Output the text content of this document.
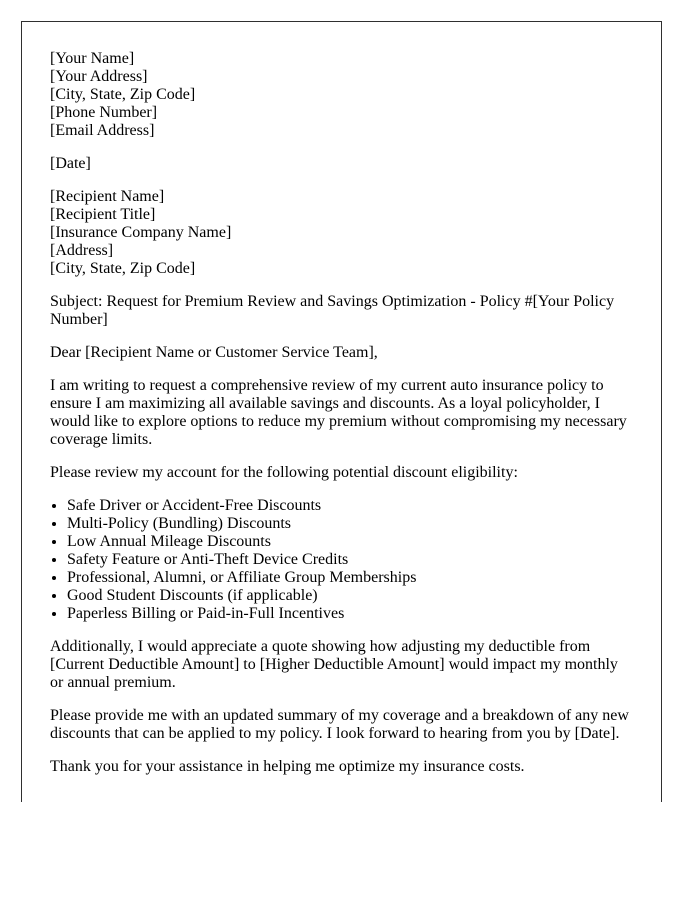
[Your Name]
[Your Address]
[City, State, Zip Code]
[Phone Number]
[Email Address]

[Date]

[Recipient Name]
[Recipient Title]
[Insurance Company Name]
[Address]
[City, State, Zip Code]

Subject: Request for Premium Review and Savings Optimization - Policy #[Your Policy Number]

Dear [Recipient Name or Customer Service Team],

I am writing to request a comprehensive review of my current auto insurance policy to ensure I am maximizing all available savings and discounts. As a loyal policyholder, I would like to explore options to reduce my premium without compromising my necessary coverage limits.

Please review my account for the following potential discount eligibility:

• Safe Driver or Accident-Free Discounts
• Multi-Policy (Bundling) Discounts
• Low Annual Mileage Discounts
• Safety Feature or Anti-Theft Device Credits
• Professional, Alumni, or Affiliate Group Memberships
• Good Student Discounts (if applicable)
• Paperless Billing or Paid-in-Full Incentives

Additionally, I would appreciate a quote showing how adjusting my deductible from [Current Deductible Amount] to [Higher Deductible Amount] would impact my monthly or annual premium.

Please provide me with an updated summary of my coverage and a breakdown of any new discounts that can be applied to my policy. I look forward to hearing from you by [Date].

Thank you for your assistance in helping me optimize my insurance costs.
